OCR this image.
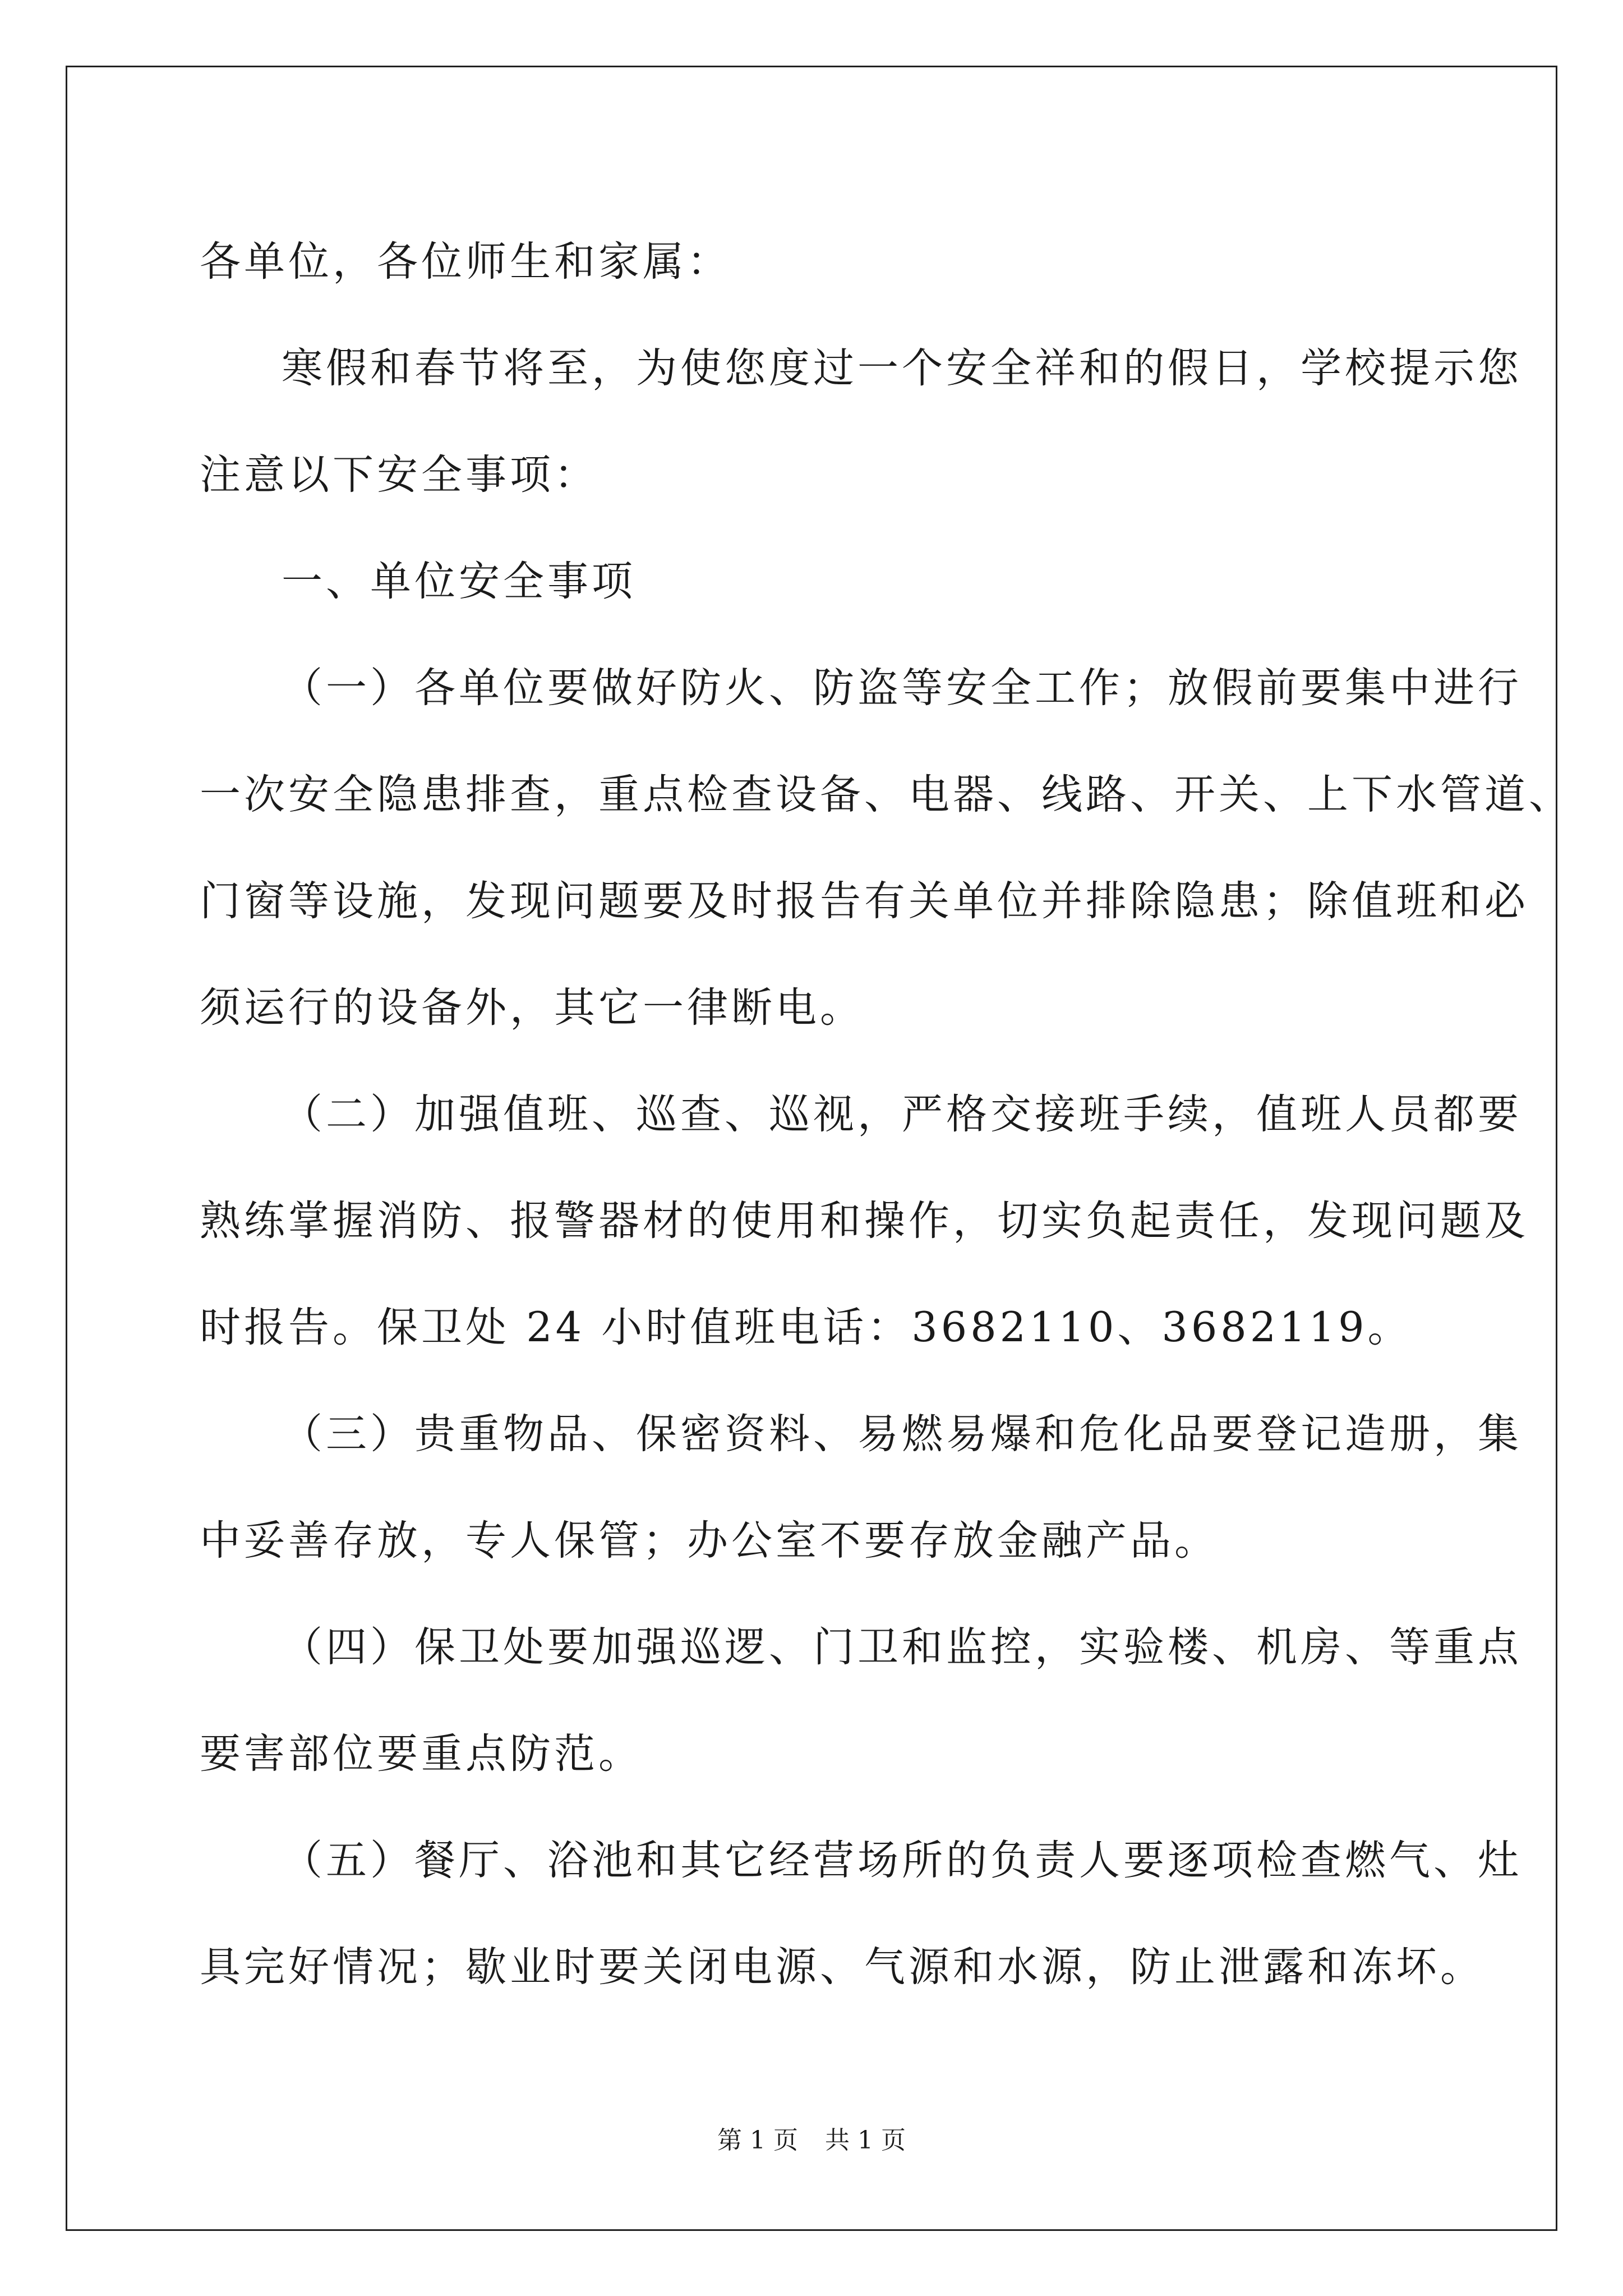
各单位，各位师生和家属：
寒假和春节将至，为使您度过一个安全祥和的假日，学校提示您
注意以下安全事项：
一、单位安全事项
（一）各单位要做好防火、防盗等安全工作；放假前要集中进行
一次安全隐患排查，重点检查设备、电器、线路、开关、上下水管道、
门窗等设施，发现问题要及时报告有关单位并排除隐患；除值班和必
须运行的设备外，其它一律断电。
（二）加强值班、巡查、巡视，严格交接班手续，值班人员都要
熟练掌握消防、报警器材的使用和操作，切实负起责任，发现问题及
时报告。保卫处 24 小时值班电话：3682110、3682119。
（三）贵重物品、保密资料、易燃易爆和危化品要登记造册，集
中妥善存放，专人保管；办公室不要存放金融产品。
（四）保卫处要加强巡逻、门卫和监控，实验楼、机房、等重点
要害部位要重点防范。
（五）餐厅、浴池和其它经营场所的负责人要逐项检查燃气、灶
具完好情况；歇业时要关闭电源、气源和水源，防止泄露和冻坏。
第 1 页 共 1 页
